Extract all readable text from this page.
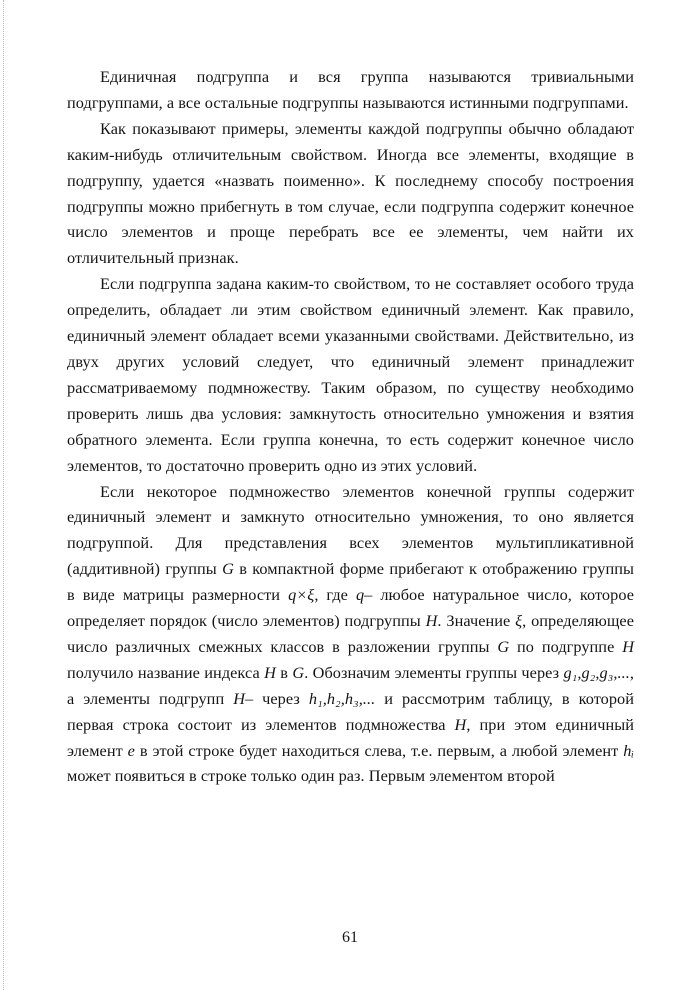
Единичная подгруппа и вся группа называются тривиальными подгруппами, а все остальные подгруппы называются истинными подгруппами.

Как показывают примеры, элементы каждой подгруппы обычно обладают каким-нибудь отличительным свойством. Иногда все элементы, входящие в подгруппу, удается «назвать поименно». К последнему способу построения подгруппы можно прибегнуть в том случае, если подгруппа содержит конечное число элементов и проще перебрать все ее элементы, чем найти их отличительный признак.

Если подгруппа задана каким-то свойством, то не составляет особого труда определить, обладает ли этим свойством единичный элемент. Как правило, единичный элемент обладает всеми указанными свойствами. Действительно, из двух других условий следует, что единичный элемент принадлежит рассматриваемому подмножеству. Таким образом, по существу необходимо проверить лишь два условия: замкнутость относительно умножения и взятия обратного элемента. Если группа конечна, то есть содержит конечное число элементов, то достаточно проверить одно из этих условий.

Если некоторое подмножество элементов конечной группы содержит единичный элемент и замкнуто относительно умножения, то оно является подгруппой. Для представления всех элементов мультипликативной (аддитивной) группы G в компактной форме прибегают к отображению группы в виде матрицы размерности q×ξ, где q– любое натуральное число, которое определяет порядок (число элементов) подгруппы H. Значение ξ, определяющее число различных смежных классов в разложении группы G по подгруппе H получило название индекса H в G. Обозначим элементы группы через g₁,g₂,g₃,..., а элементы подгрупп H– через h₁,h₂,h₃,... и рассмотрим таблицу, в которой первая строка состоит из элементов подмножества H, при этом единичный элемент e в этой строке будет находиться слева, т.е. первым, а любой элемент hᵢ может появиться в строке только один раз. Первым элементом второй

61
